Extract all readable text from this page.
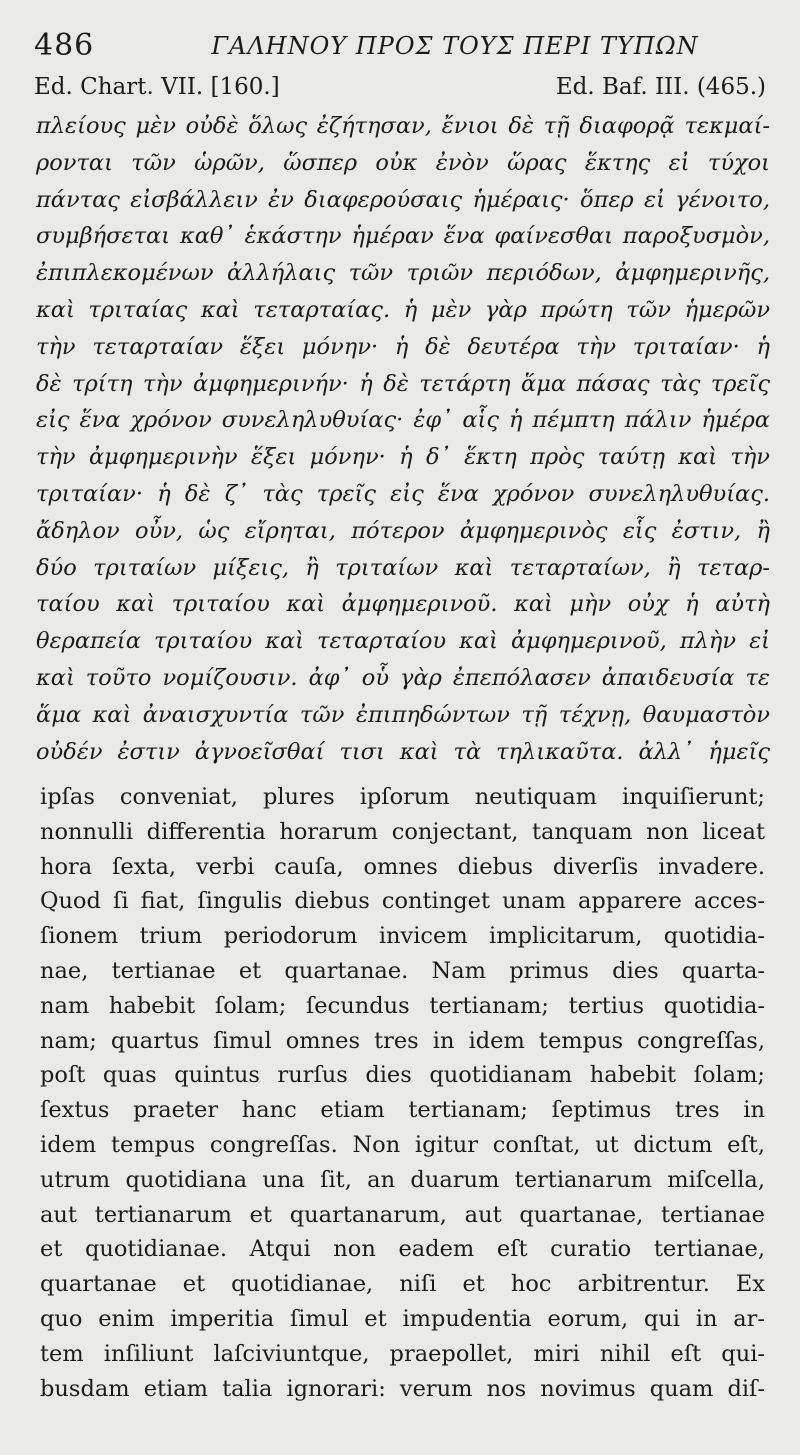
486	ΓΑΛΗΝΟΥ ΠΡΟΣ ΤΟΥΣ ΠΕΡΙ ΤΥΠΩΝ
Ed. Chart. VII. [160.]	Ed. Baf. III. (465.)
πλείους μὲν οὐδὲ ὅλως ἐζήτησαν, ἔνιοι δὲ τῇ διαφορᾷ τεκμαί-
ρονται τῶν ὡρῶν, ὥσπερ οὐκ ἐνὸν ὥρας ἕκτης εἰ τύχοι
πάντας εἰσβάλλειν ἐν διαφερούσαις ἡμέραις· ὅπερ εἰ γένοιτο,
συμβήσεται καθ᾽ ἑκάστην ἡμέραν ἕνα φαίνεσθαι παροξυσμὸν,
ἐπιπλεκομένων ἀλλήλαις τῶν τριῶν περιόδων, ἀμφημερινῆς,
καὶ τριταίας καὶ τεταρταίας. ἡ μὲν γὰρ πρώτη τῶν ἡμερῶν
τὴν τεταρταίαν ἕξει μόνην· ἡ δὲ δευτέρα τὴν τριταίαν· ἡ
δὲ τρίτη τὴν ἀμφημερινήν· ἡ δὲ τετάρτη ἅμα πάσας τὰς τρεῖς
εἰς ἕνα χρόνον συνεληλυθυίας· ἐφ᾽ αἷς ἡ πέμπτη πάλιν ἡμέρα
τὴν ἀμφημερινὴν ἕξει μόνην· ἡ δ᾽ ἕκτη πρὸς ταύτῃ καὶ τὴν
τριταίαν· ἡ δὲ ζ᾽ τὰς τρεῖς εἰς ἕνα χρόνον συνεληλυθυίας.
ἄδηλον οὖν, ὡς εἴρηται, πότερον ἀμφημερινὸς εἷς ἐστιν, ἢ
δύο τριταίων μίξεις, ἢ τριταίων καὶ τεταρταίων, ἢ τεταρ-
ταίου καὶ τριταίου καὶ ἀμφημερινοῦ. καὶ μὴν οὐχ ἡ αὐτὴ
θεραπεία τριταίου καὶ τεταρταίου καὶ ἀμφημερινοῦ, πλὴν εἰ
καὶ τοῦτο νομίζουσιν. ἀφ᾽ οὗ γὰρ ἐπεπόλασεν ἀπαιδευσία τε
ἅμα καὶ ἀναισχυντία τῶν ἐπιπηδώντων τῇ τέχνῃ, θαυμαστὸν
οὐδέν ἐστιν ἀγνοεῖσθαί τισι καὶ τὰ τηλικαῦτα. ἀλλ᾽ ἡμεῖς
ipſas conveniat, plures ipſorum neutiquam inquiſierunt;
nonnulli differentia horarum conjectant, tanquam non liceat
hora ſexta, verbi cauſa, omnes diebus diverſis invadere.
Quod ſi fiat, ſingulis diebus continget unam apparere acces-
ſionem trium periodorum invicem implicitarum, quotidia-
nae, tertianae et quartanae. Nam primus dies quarta-
nam habebit ſolam; ſecundus tertianam; tertius quotidia-
nam; quartus ſimul omnes tres in idem tempus congreſſas,
poſt quas quintus rurſus dies quotidianam habebit ſolam;
ſextus praeter hanc etiam tertianam; ſeptimus tres in
idem tempus congreſſas. Non igitur conſtat, ut dictum eſt,
utrum quotidiana una ſit, an duarum tertianarum miſcella,
aut tertianarum et quartanarum, aut quartanae, tertianae
et quotidianae. Atqui non eadem eſt curatio tertianae,
quartanae et quotidianae, niſi et hoc arbitrentur. Ex
quo enim imperitia ſimul et impudentia eorum, qui in ar-
tem inſiliunt laſciviuntque, praepollet, miri nihil eſt qui-
busdam etiam talia ignorari: verum nos novimus quam diſ-
